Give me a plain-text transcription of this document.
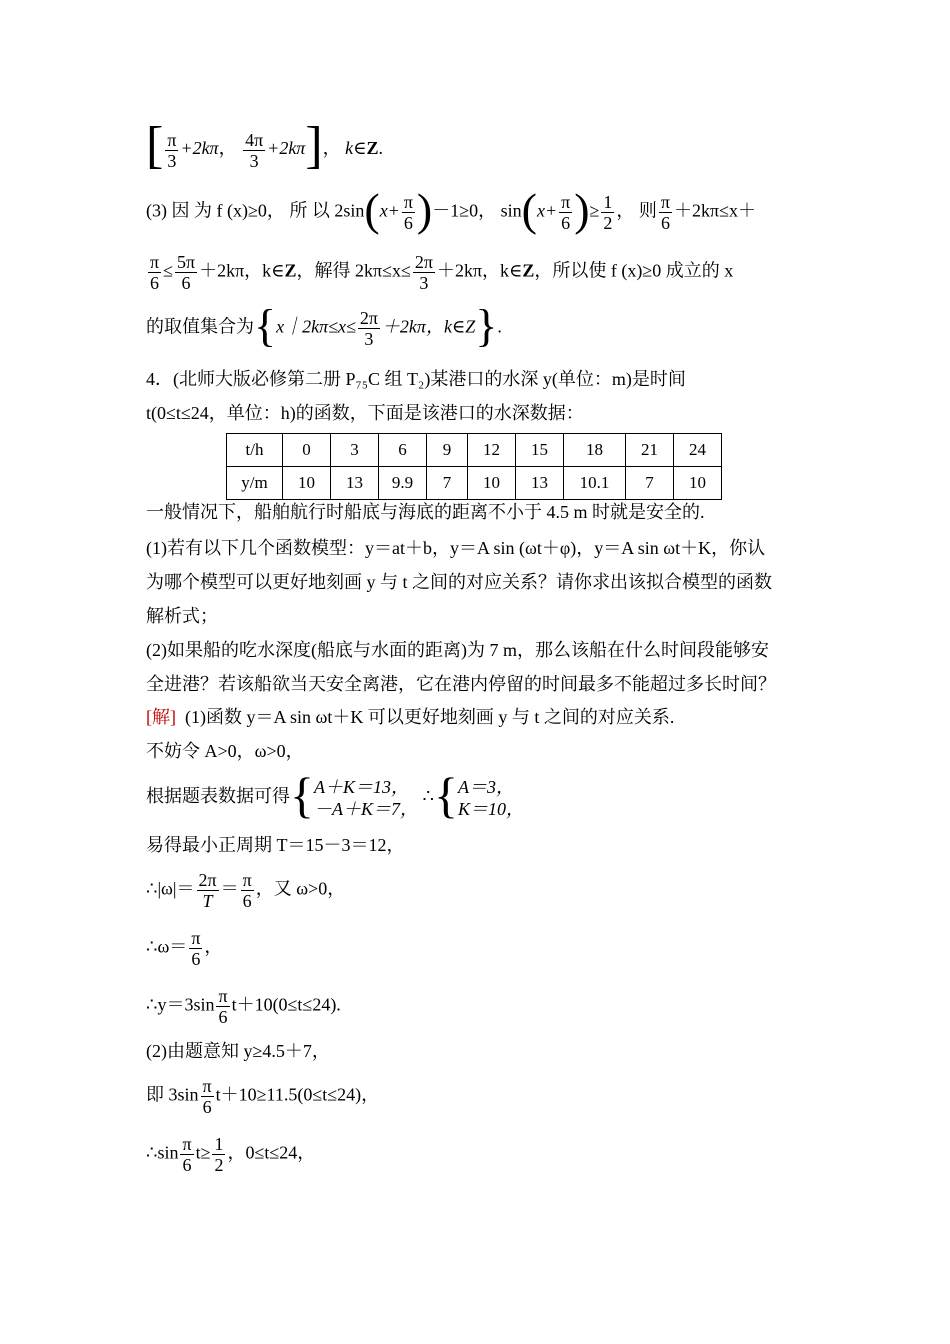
[ $\frac{\pi}{3} +2k\pi$， $\frac{4\pi}{3} +2k\pi$]， k∈Z.
(3) 因 为 f (x)≥0， 所 以 $2\sin(x+ \frac{\pi}{6} )-1\ge 0$， $\sin(x+ \frac{\pi}{6}$ )≥ $\frac{1}{2}$ ， 则 $\frac{\pi}{6} +2k\pi\le x+$
$\frac{\pi}{6} \le \frac{5\pi}{6} +2k\pi$，k∈Z，解得 $2k\pi\le x\le \frac{2\pi}{3} +2k\pi$，k∈Z，所以使 f (x)≥0 成立的 x
的取值集合为{x｜2kπ≤x≤ $\frac{2\pi}{3} +2k\pi$，k∈Z}.
4．(北师大版必修第二册 P₇₅C 组 T₂)某港口的水深 y(单位：m)是时间
t(0≤t≤24，单位：h)的函数，下面是该港口的水深数据：
t/h	0	3	6	9	12	15	18	21	24
y/m	10	13	9.9	7	10	13	10.1	7	10
一般情况下，船舶航行时船底与海底的距离不小于 4.5 m 时就是安全的.
(1)若有以下几个函数模型：y＝at＋b，y＝A sin (ωt＋φ)，y＝A sin ωt＋K，你认
为哪个模型可以更好地刻画 y 与 t 之间的对应关系？请你求出该拟合模型的函数
解析式；
(2)如果船的吃水深度(船底与水面的距离)为 7 m，那么该船在什么时间段能够安
全进港？若该船欲当天安全离港，它在港内停留的时间最多不能超过多长时间？
[解] (1)函数 y＝A sin ωt＋K 可以更好地刻画 y 与 t 之间的对应关系.
不妨令 A>0，ω>0，
根据题表数据可得{ A＋K＝13，
－A＋K＝7，
∴{ A＝3，
K＝10，
易得最小正周期 T＝15－3＝12，
∴|ω|＝ $\frac{2\pi}{T} = \frac{\pi}{6}$ ，又 ω>0，
∴ω＝ $\frac{\pi}{6}$ ，
∴y＝3sin $\frac{\pi}{6} t+10(0\le t\le 24)$.
(2)由题意知 y≥4.5＋7，
即 $3\sin \frac{\pi}{6} t+10\ge 11.5(0\le t\le 24)$，
∴sin $\frac{\pi}{6} t\ge \frac{1}{2}$ ，0≤t≤24，
